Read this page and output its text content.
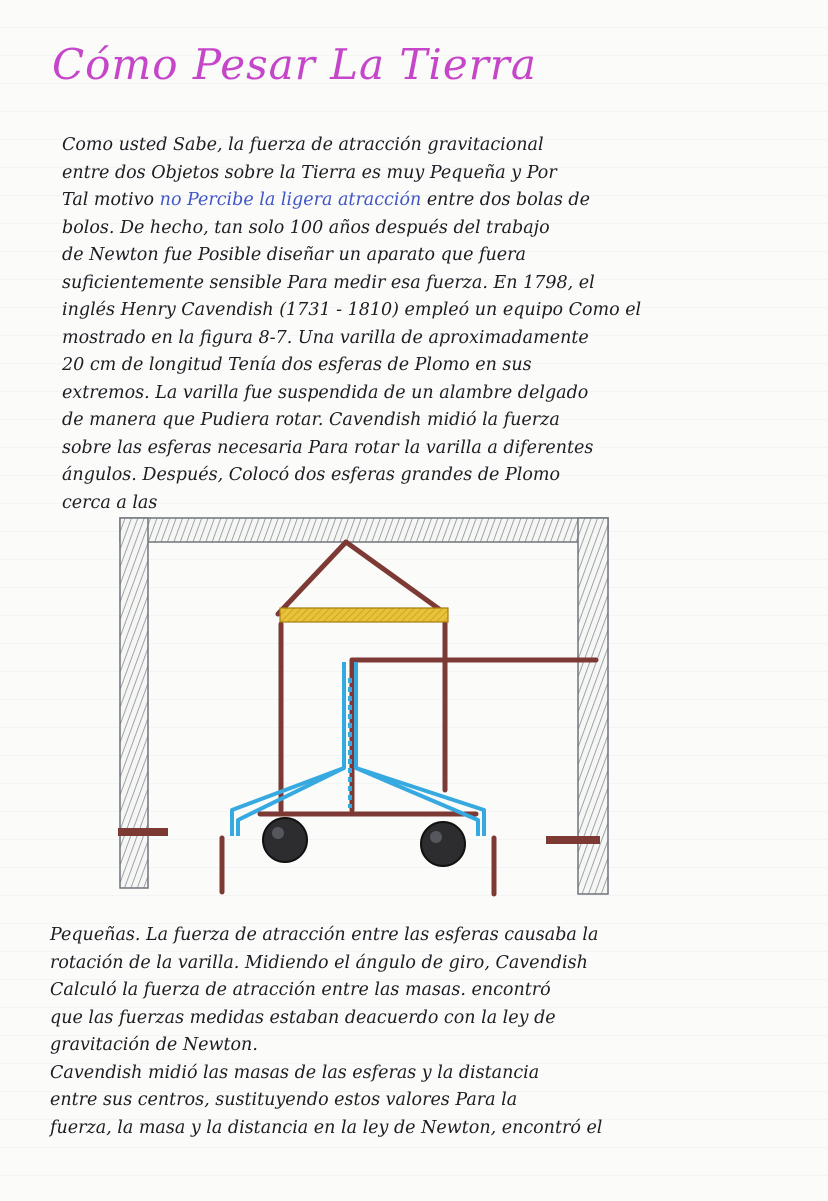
Cómo Pesar La Tierra

Como usted Sabe, la fuerza de atracción gravitacional
entre dos Objetos sobre la Tierra es muy Pequeña y Por
Tal motivo no Percibe la ligera atracción entre dos bolas de
bolos. De hecho, tan solo 100 años después del trabajo
de Newton fue Posible diseñar un aparato que fuera
suficientemente sensible Para medir esa fuerza. En 1798, el
inglés Henry Cavendish (1731 - 1810) empleó un equipo Como el
mostrado en la figura 8-7. Una varilla de aproximadamente
20 cm de longitud Tenía dos esferas de Plomo en sus
extremos. La varilla fue suspendida de un alambre delgado
de manera que Pudiera rotar. Cavendish midió la fuerza
sobre las esferas necesaria Para rotar la varilla a diferentes
ángulos. Después, Colocó dos esferas grandes de Plomo
cerca a las

Pequeñas. La fuerza de atracción entre las esferas causaba la
rotación de la varilla. Midiendo el ángulo de giro, Cavendish
Calculó la fuerza de atracción entre las masas. encontró
que las fuerzas medidas estaban deacuerdo con la ley de
gravitación de Newton.
Cavendish midió las masas de las esferas y la distancia
entre sus centros, sustituyendo estos valores Para la
fuerza, la masa y la distancia en la ley de Newton, encontró el
